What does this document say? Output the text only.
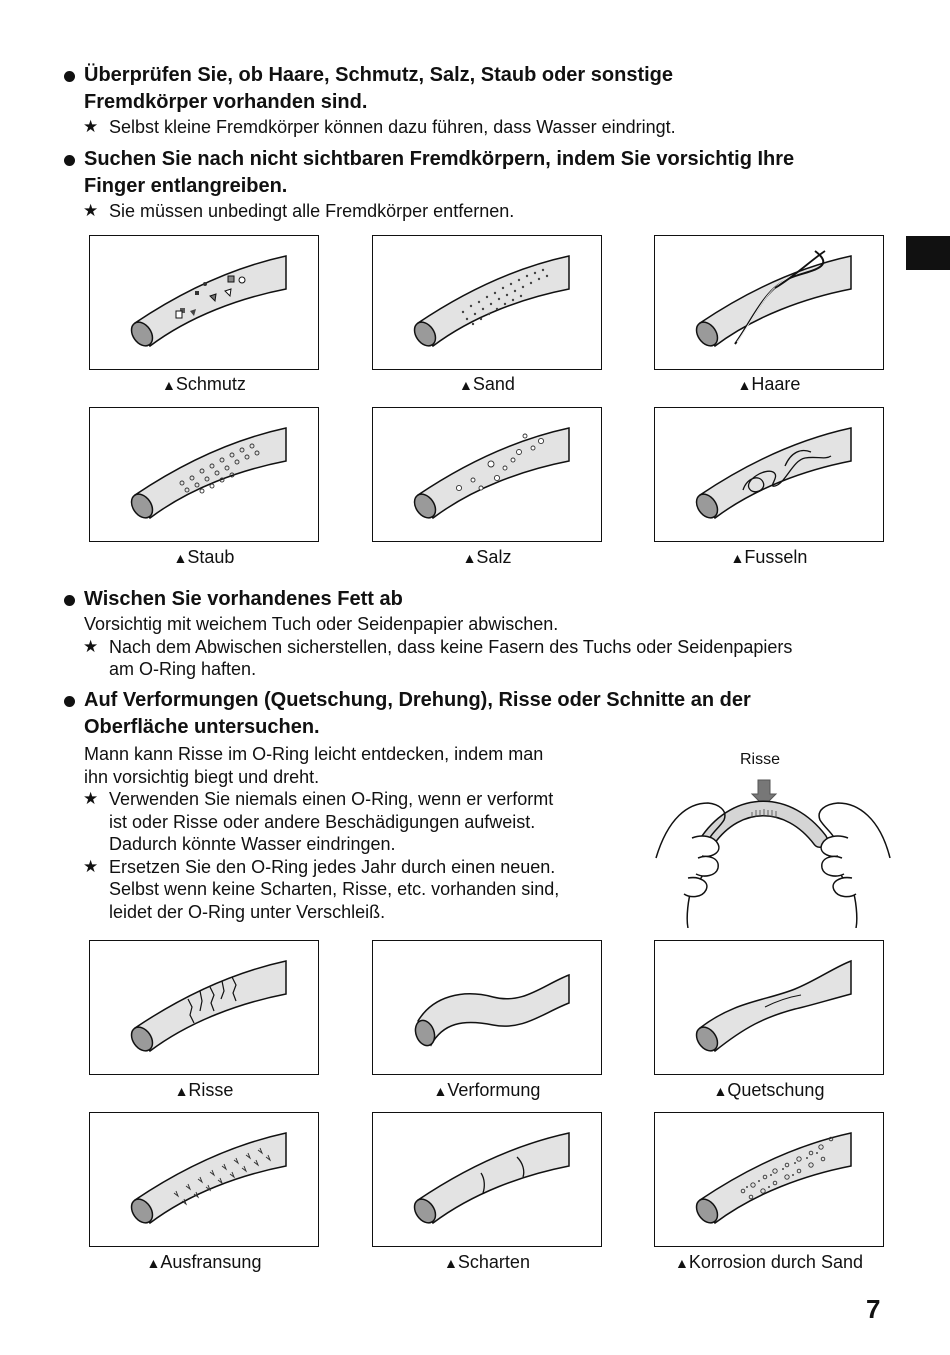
Überprüfen Sie, ob Haare, Schmutz, Salz, Staub oder sonstige
Fremdkörper vorhanden sind.
★ Selbst kleine Fremdkörper können dazu führen, dass Wasser eindringt.
Suchen Sie nach nicht sichtbaren Fremdkörpern, indem Sie vorsichtig Ihre
Finger entlangreiben.
★ Sie müssen unbedingt alle Fremdkörper entfernen.
▲Schmutz	▲Sand	▲Haare
▲Staub	▲Salz	▲Fusseln
Wischen Sie vorhandenes Fett ab
Vorsichtig mit weichem Tuch oder Seidenpapier abwischen.
★ Nach dem Abwischen sicherstellen, dass keine Fasern des Tuchs oder Seidenpapiers
am O-Ring haften.
Auf Verformungen (Quetschung, Drehung), Risse oder Schnitte an der
Oberfläche untersuchen.
Mann kann Risse im O-Ring leicht entdecken, indem man
ihn vorsichtig biegt und dreht.
★ Verwenden Sie niemals einen O-Ring, wenn er verformt
ist oder Risse oder andere Beschädigungen aufweist.
Dadurch könnte Wasser eindringen.
★ Ersetzen Sie den O-Ring jedes Jahr durch einen neuen.
Selbst wenn keine Scharten, Risse, etc. vorhanden sind,
leidet der O-Ring unter Verschleiß.
Risse
▲Risse	▲Verformung	▲Quetschung
▲Ausfransung	▲Scharten	▲Korrosion durch Sand
7
